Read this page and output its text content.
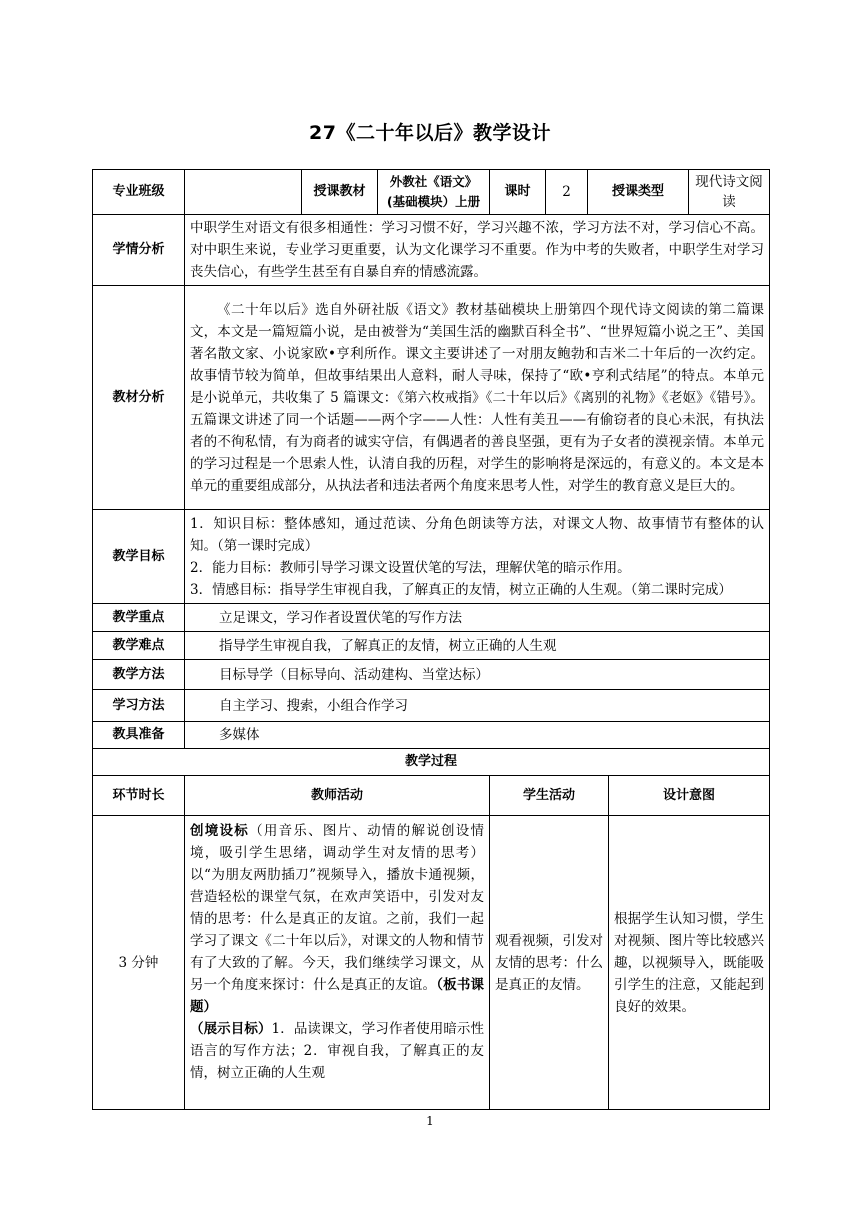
27《二十年以后》教学设计
专业班级		授课教材	外教社《语文》(基础模块）上册	课时	2	授课类型		现代诗文阅读
学情分析	中职学生对语文有很多相通性：学习习惯不好，学习兴趣不浓，学习方法不对，学习信心不高。对中职生来说，专业学习更重要，认为文化课学习不重要。作为中考的失败者，中职学生对学习丧失信心，有些学生甚至有自暴自弃的情感流露。							
教材分析	《二十年以后》选自外研社版《语文》教材基础模块上册第四个现代诗文阅读的第二篇课文，本文是一篇短篇小说，是由被誉为“美国生活的幽默百科全书”、“世界短篇小说之王”、美国著名散文家、小说家欧•亨利所作。课文主要讲述了一对朋友鲍勃和吉米二十年后的一次约定。故事情节较为简单，但故事结果出人意料，耐人寻味，保持了“欧•亨利式结尾”的特点。本单元是小说单元，共收集了 5 篇课文：《第六枚戒指》《二十年以后》《离别的礼物》《老妪》《错号》。五篇课文讲述了同一个话题——两个字——人性：人性有美丑——有偷窃者的良心未泯，有执法者的不徇私情，有为商者的诚实守信，有偶遇者的善良坚强，更有为子女者的漠视亲情。本单元的学习过程是一个思索人性，认清自我的历程，对学生的影响将是深远的，有意义的。本文是本单元的重要组成部分，从执法者和违法者两个角度来思考人性，对学生的教育意义是巨大的。							
教学目标	1．知识目标：整体感知，通过范读、分角色朗读等方法，对课文人物、故事情节有整体的认知。（第一课时完成）
2．能力目标：教师引导学习课文设置伏笔的写法，理解伏笔的暗示作用。
3．情感目标：指导学生审视自我，了解真正的友情，树立正确的人生观。（第二课时完成）							

教学重点	立足课文，学习作者设置伏笔的写作方法							
教学难点	指导学生审视自我，了解真正的友情，树立正确的人生观							
教学方法	目标导学（目标导向、活动建构、当堂达标）							
学习方法	自主学习、搜索，小组合作学习							
教具准备	多媒体							
教学过程								
环节时长	教师活动			学生活动			设计意图	
3 分钟	创境设标（用音乐、图片、动情的解说创设情境，吸引学生思绪，调动学生对友情的思考）以“为朋友两肋插刀”视频导入，播放卡通视频，营造轻松的课堂气氛，在欢声笑语中，引发对友情的思考：什么是真正的友谊。之前，我们一起学习了课文《二十年以后》，对课文的人物和情节有了大致的了解。今天，我们继续学习课文，从另一个角度来探讨：什么是真正的友谊。（板书课题）
（展示目标）1．品读课文，学习作者使用暗示性语言的写作方法；2．审视自我，了解真正的友情，树立正确的人生观			观看视频，引发对友情的思考：什么是真正的友情。			根据学生认知习惯，学生对视频、图片等比较感兴趣，以视频导入，既能吸引学生的注意，又能起到良好的效果。	
1
